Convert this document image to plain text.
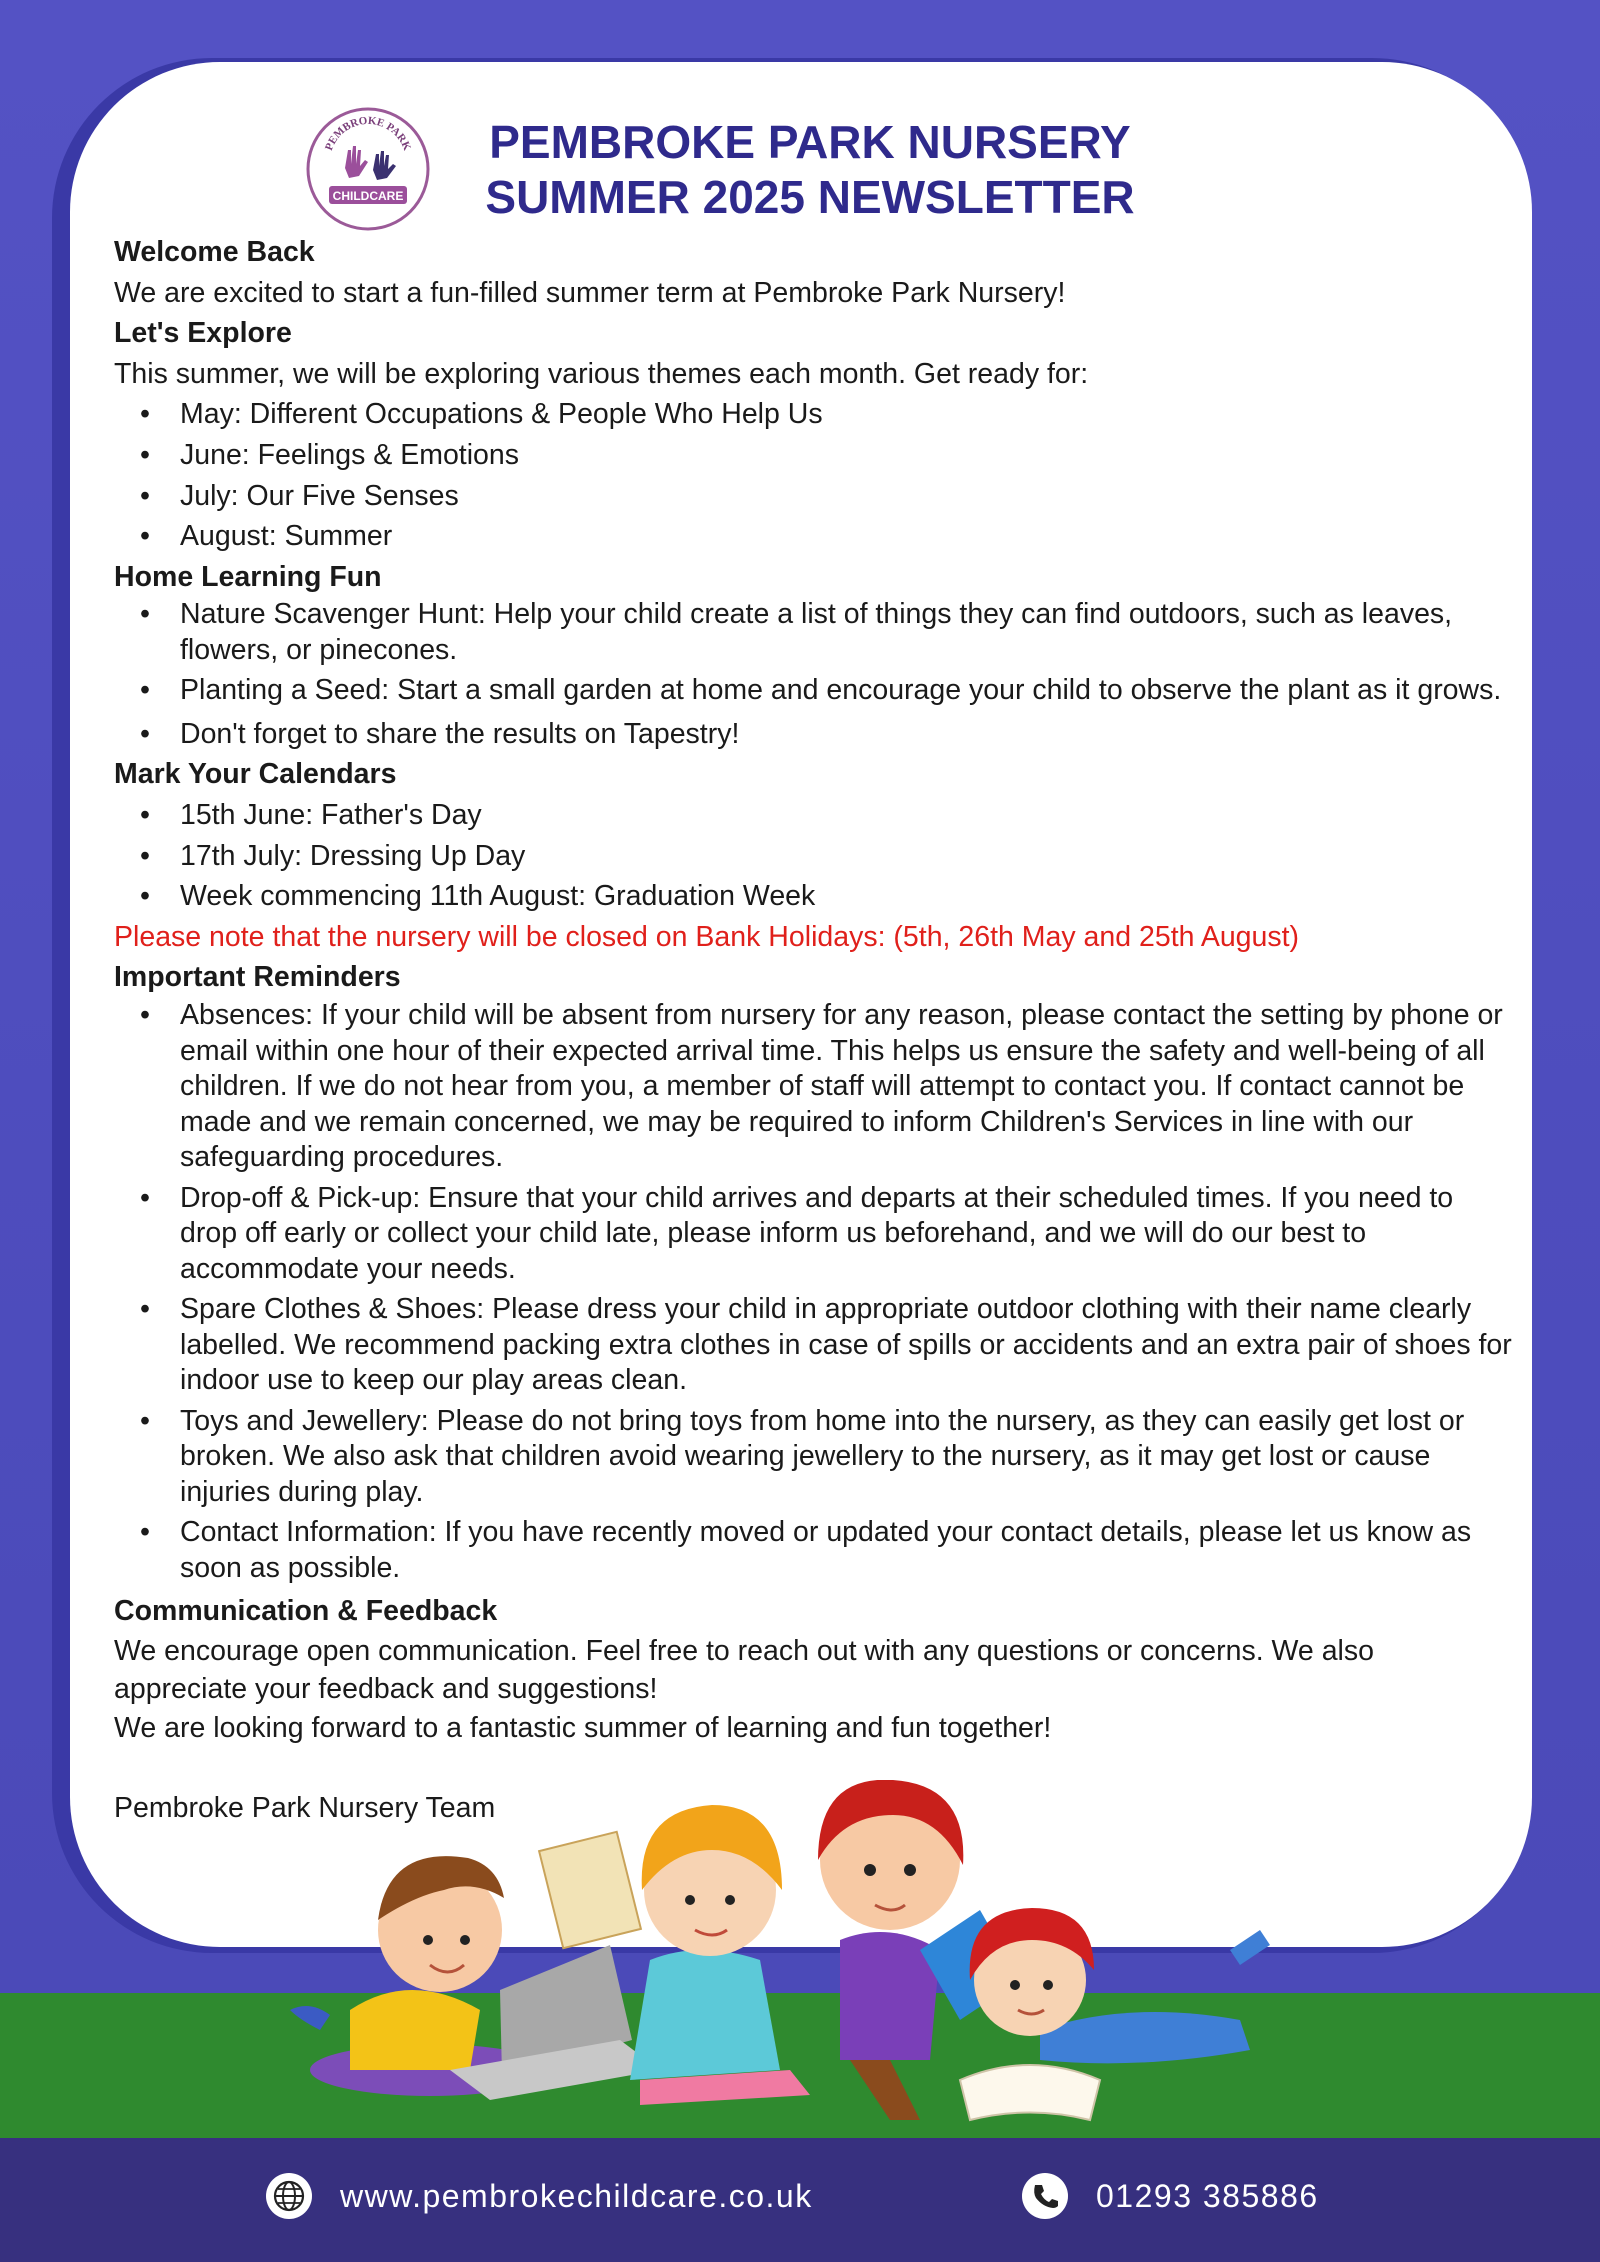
PEMBROKE PARK
CHILDCARE
PEMBROKE PARK NURSERY
SUMMER 2025 NEWSLETTER
Welcome Back

We are excited to start a fun-filled summer term at Pembroke Park Nursery!

Let's Explore

This summer, we will be exploring various themes each month. Get ready for:

• May: Different Occupations & People Who Help Us
• June: Feelings & Emotions
• July: Our Five Senses
• August: Summer
Home Learning Fun
• Nature Scavenger Hunt: Help your child create a list of things they can find outdoors, such as leaves, flowers, or pinecones.
• Planting a Seed: Start a small garden at home and encourage your child to observe the plant as it grows.
• Don't forget to share the results on Tapestry!
Mark Your Calendars
• 15th June: Father's Day
• 17th July: Dressing Up Day
• Week commencing 11th August: Graduation Week

Please note that the nursery will be closed on Bank Holidays: (5th, 26th May and 25th August)

Important Reminders
• Absences: If your child will be absent from nursery for any reason, please contact the setting by phone or email within one hour of their expected arrival time. This helps us ensure the safety and well-being of all children. If we do not hear from you, a member of staff will attempt to contact you. If contact cannot be made and we remain concerned, we may be required to inform Children's Services in line with our safeguarding procedures.
• Drop-off & Pick-up: Ensure that your child arrives and departs at their scheduled times. If you need to drop off early or collect your child late, please inform us beforehand, and we will do our best to accommodate your needs.
• Spare Clothes & Shoes: Please dress your child in appropriate outdoor clothing with their name clearly labelled. We recommend packing extra clothes in case of spills or accidents and an extra pair of shoes for indoor use to keep our play areas clean.
• Toys and Jewellery: Please do not bring toys from home into the nursery, as they can easily get lost or broken. We also ask that children avoid wearing jewellery to the nursery, as it may get lost or cause injuries during play.
• Contact Information: If you have recently moved or updated your contact details, please let us know as soon as possible.
Communication & Feedback

We encourage open communication. Feel free to reach out with any questions or concerns. We also appreciate your feedback and suggestions!

We are looking forward to a fantastic summer of learning and fun together!

Pembroke Park Nursery Team

www.pembrokechildcare.co.uk	01293 385886
